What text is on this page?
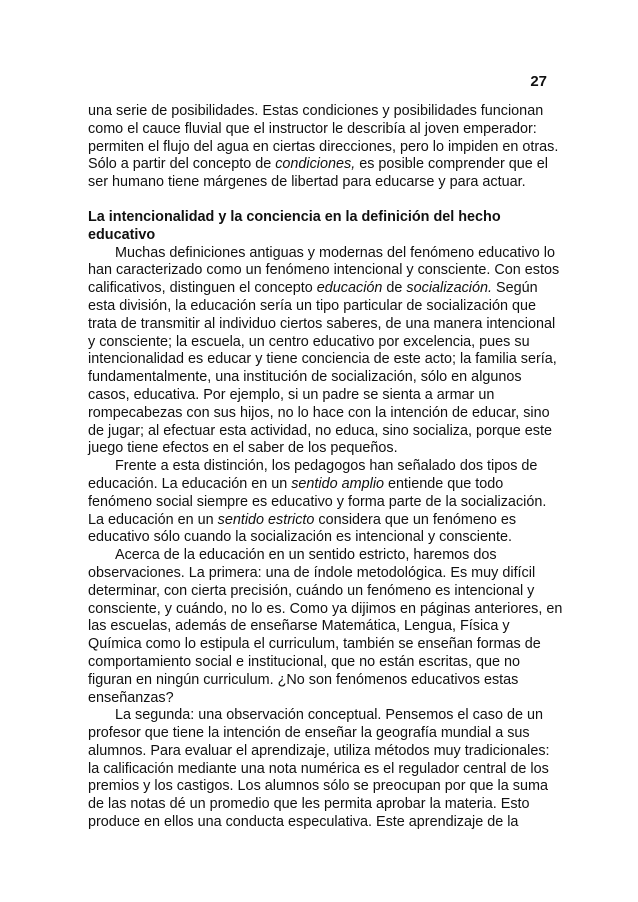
27

una serie de posibilidades. Estas condiciones y posibilidades funcionan como el cauce fluvial que el instructor le describía al joven emperador: permiten el flujo del agua en ciertas direcciones, pero lo impiden en otras. Sólo a partir del concepto de condiciones, es posible comprender que el ser humano tiene márgenes de libertad para educarse y para actuar.

La intencionalidad y la conciencia en la definición del hecho educativo

Muchas definiciones antiguas y modernas del fenómeno educativo lo han caracterizado como un fenómeno intencional y consciente. Con estos calificativos, distinguen el concepto educación de socialización. Según esta división, la educación sería un tipo particular de socialización que trata de transmitir al individuo ciertos saberes, de una manera intencional y consciente; la escuela, un centro educativo por excelencia, pues su intencionalidad es educar y tiene conciencia de este acto; la familia sería, fundamentalmente, una institución de socialización, sólo en algunos casos, educativa. Por ejemplo, si un padre se sienta a armar un rompecabezas con sus hijos, no lo hace con la intención de educar, sino de jugar; al efectuar esta actividad, no educa, sino socializa, porque este juego tiene efectos en el saber de los pequeños.

Frente a esta distinción, los pedagogos han señalado dos tipos de educación. La educación en un sentido amplio entiende que todo fenómeno social siempre es educativo y forma parte de la socialización. La educación en un sentido estricto considera que un fenómeno es educativo sólo cuando la socialización es intencional y consciente.

Acerca de la educación en un sentido estricto, haremos dos observaciones. La primera: una de índole metodológica. Es muy difícil determinar, con cierta precisión, cuándo un fenómeno es intencional y consciente, y cuándo, no lo es. Como ya dijimos en páginas anteriores, en las escuelas, además de enseñarse Matemática, Lengua, Física y Química como lo estipula el curriculum, también se enseñan formas de comportamiento social e institucional, que no están escritas, que no figuran en ningún curriculum. ¿No son fenómenos educativos estas enseñanzas?

La segunda: una observación conceptual. Pensemos el caso de un profesor que tiene la intención de enseñar la geografía mundial a sus alumnos. Para evaluar el aprendizaje, utiliza métodos muy tradicionales: la calificación mediante una nota numérica es el regulador central de los premios y los castigos. Los alumnos sólo se preocupan por que la suma de las notas dé un promedio que les permita aprobar la materia. Esto produce en ellos una conducta especulativa. Este aprendizaje de la
